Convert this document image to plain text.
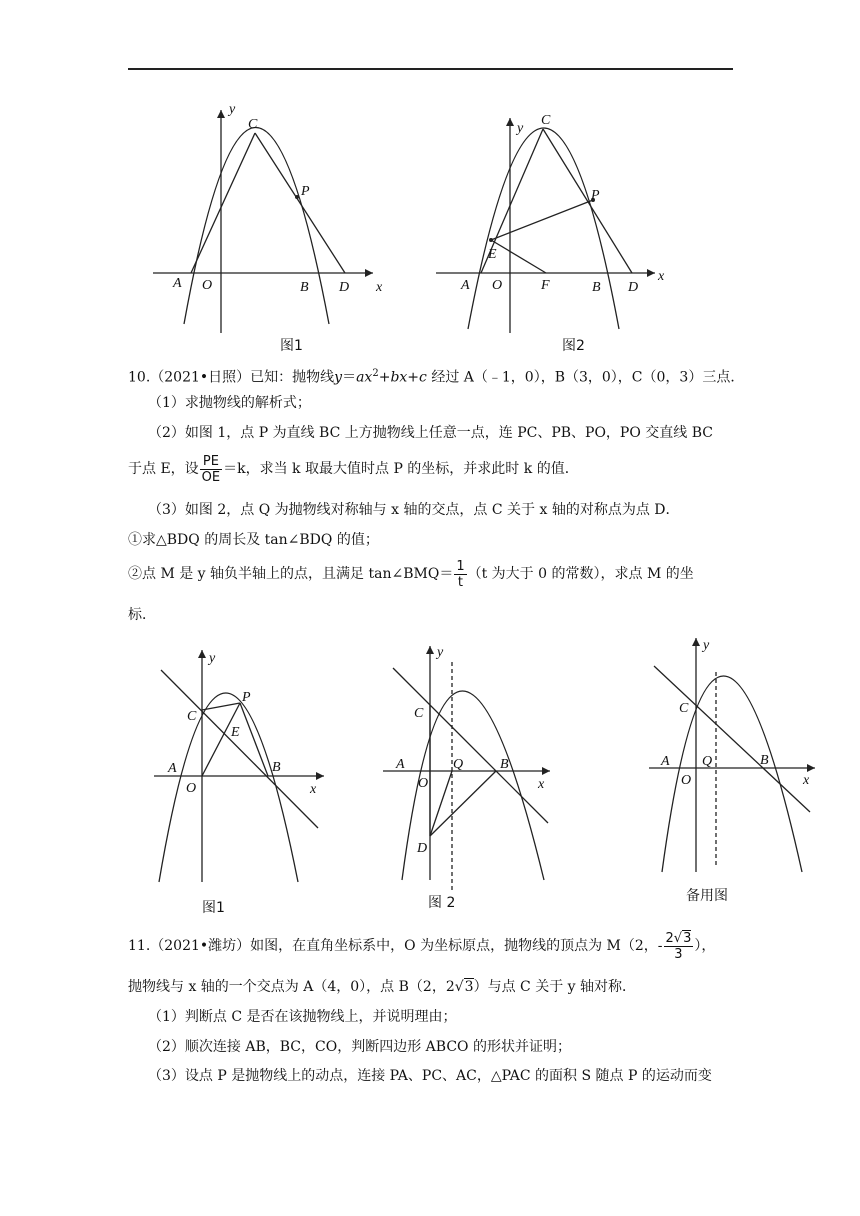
y
x
C
P
A O	B D
图1
y
x
C
P
E
A O	F	B D
图2
10.（2021•日照）已知：抛物线$y=ax^2+bx+c$ 经过 A（﹣1，0），B（3，0），C（0，3）三点．
（1）求抛物线的解析式；
（2）如图 1，点 P 为直线 BC 上方抛物线上任意一点，连 PC、PB、PO，PO 交直线 BC
于点 E，设 $\frac{PE}{OE} =k$，求当 k 取最大值时点 P 的坐标，并求此时 k 的值．
（3）如图 2，点 Q 为抛物线对称轴与 x 轴的交点，点 C 关于 x 轴的对称点为点 D．
①求△BDQ 的周长及 tan∠BDQ 的值；
②点 M 是 y 轴负半轴上的点，且满足 tan∠BMQ＝ $\frac{1}{t} (t$ 为大于 0 的常数），求点 M 的坐
标．
y
x
C
P
E
A
O
B
图1
y
x
C
A
O
Q	B
D
图 2
y
x
C
A
O
Q	B
备用图
11.（2021•潍坊）如图，在直角坐标系中，O 为坐标原点，抛物线的顶点为 M（2，- $\frac{2√3}{3}$ ），
抛物线与 x 轴的一个交点为 A（4，0），点 B（2，2√3）与点 C 关于 y 轴对称．
（1）判断点 C 是否在该抛物线上，并说明理由；
（2）顺次连接 AB，BC，CO，判断四边形 ABCO 的形状并证明；
（3）设点 P 是抛物线上的动点，连接 PA、PC、AC，△PAC 的面积 S 随点 P 的运动而变
